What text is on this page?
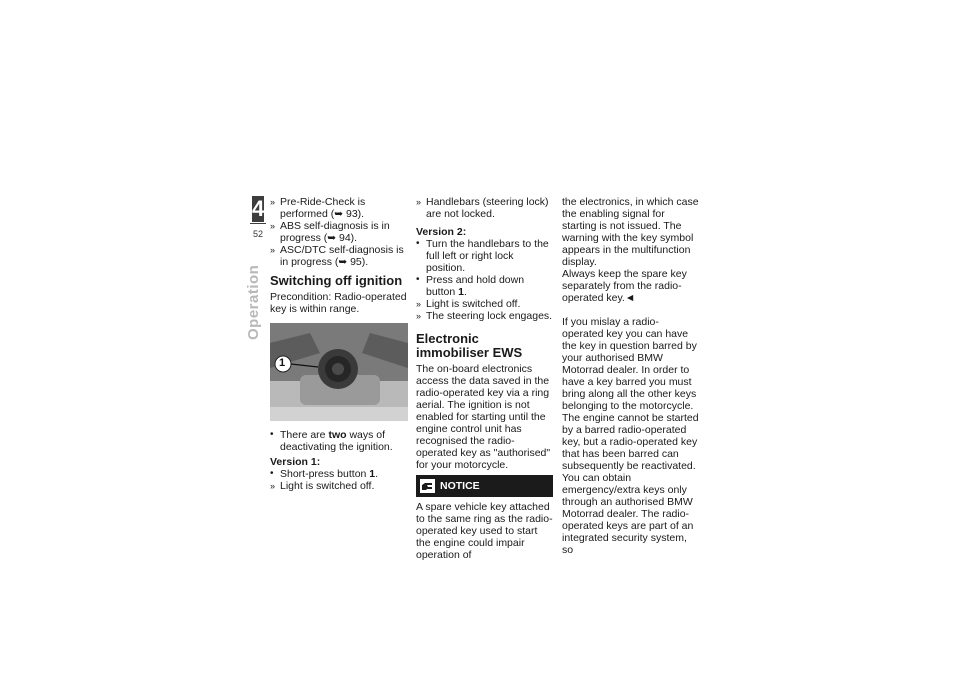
4
52
Operation
» Pre-Ride-Check is performed (➥ 93).
» ABS self-diagnosis is in progress (➥ 94).
» ASC/DTC self-diagnosis is in progress (➥ 95).
Switching off ignition

Precondition: Radio-operated key is within range.

1
• There are two ways of deactivating the ignition.
Version 1:
• Short-press button 1.
» Light is switched off.
» Handlebars (steering lock) are not locked.
Version 2:
• Turn the handlebars to the full left or right lock position.
• Press and hold down button 1.
» Light is switched off.
» The steering lock engages.
Electronic immobiliser EWS

The on-board electronics access the data saved in the radio-operated key via a ring aerial. The ignition is not enabled for starting until the engine control unit has recognised the radio-operated key as "authorised" for your motorcycle.

NOTICE

A spare vehicle key attached to the same ring as the radio-operated key used to start the engine could impair operation of

the electronics, in which case the enabling signal for starting is not issued. The warning with the key symbol appears in the multifunction display.

Always keep the spare key separately from the radio-operated key.◄

If you mislay a radio-operated key you can have the key in question barred by your authorised BMW Motorrad dealer. In order to have a key barred you must bring along all the other keys belonging to the motorcycle.

The engine cannot be started by a barred radio-operated key, but a radio-operated key that has been barred can subsequently be reactivated.

You can obtain emergency/extra keys only through an authorised BMW Motorrad dealer. The radio-operated keys are part of an integrated security system, so
